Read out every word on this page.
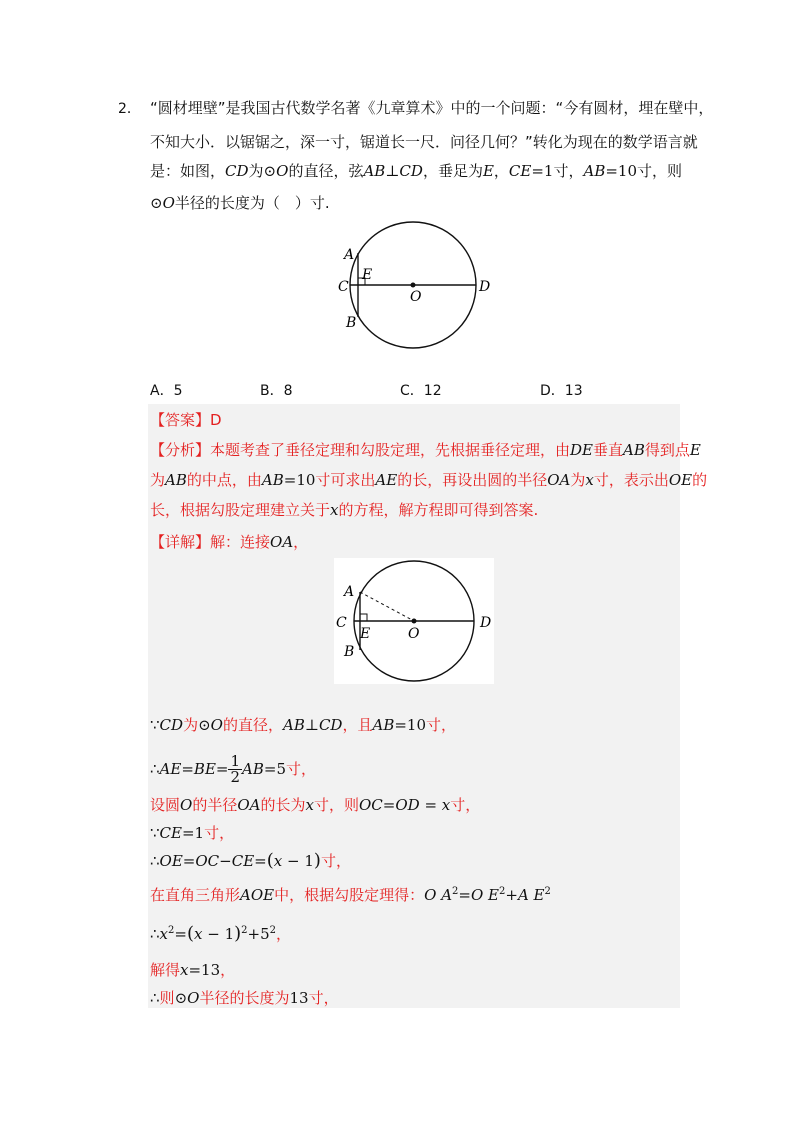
2． “圆材埋壁”是我国古代数学名著《九章算术》中的一个问题：“今有圆材，埋在壁中，
不知大小．以锯锯之，深一寸，锯道长一尺．问径几何？”转化为现在的数学语言就
是：如图，CD为⊙O的直径，弦AB⊥CD，垂足为E，CE=1寸，AB=10寸，则
⊙O半径的长度为（　）寸.
A
E
C
O
D
B
A．5	B．8	C．12	D．13
【答案】D
【分析】本题考查了垂径定理和勾股定理，先根据垂径定理，由DE垂直AB得到点E
为AB的中点，由AB=10寸可求出AE的长，再设出圆的半径OA为x寸，表示出OE的
长，根据勾股定理建立关于x的方程，解方程即可得到答案.
【详解】解：连接OA，
A
C
E	O
D
B
∵CD为⊙O的直径，AB⊥CD，且AB=10寸，
∴AE=BE= $\frac{1}{2} AB=5$寸，
设圆O的半径OA的长为x寸，则OC=OD = x寸，
∵CE=1寸，
∴OE=OC−CE=(x − 1)寸，
在直角三角形AOE中，根据勾股定理得：O $A^2=O$ $E^2+A$ $E^2$
$\therefore x^2=(x - 1)^2+5^2$，
解得x=13，
∴则⊙O半径的长度为13寸，
